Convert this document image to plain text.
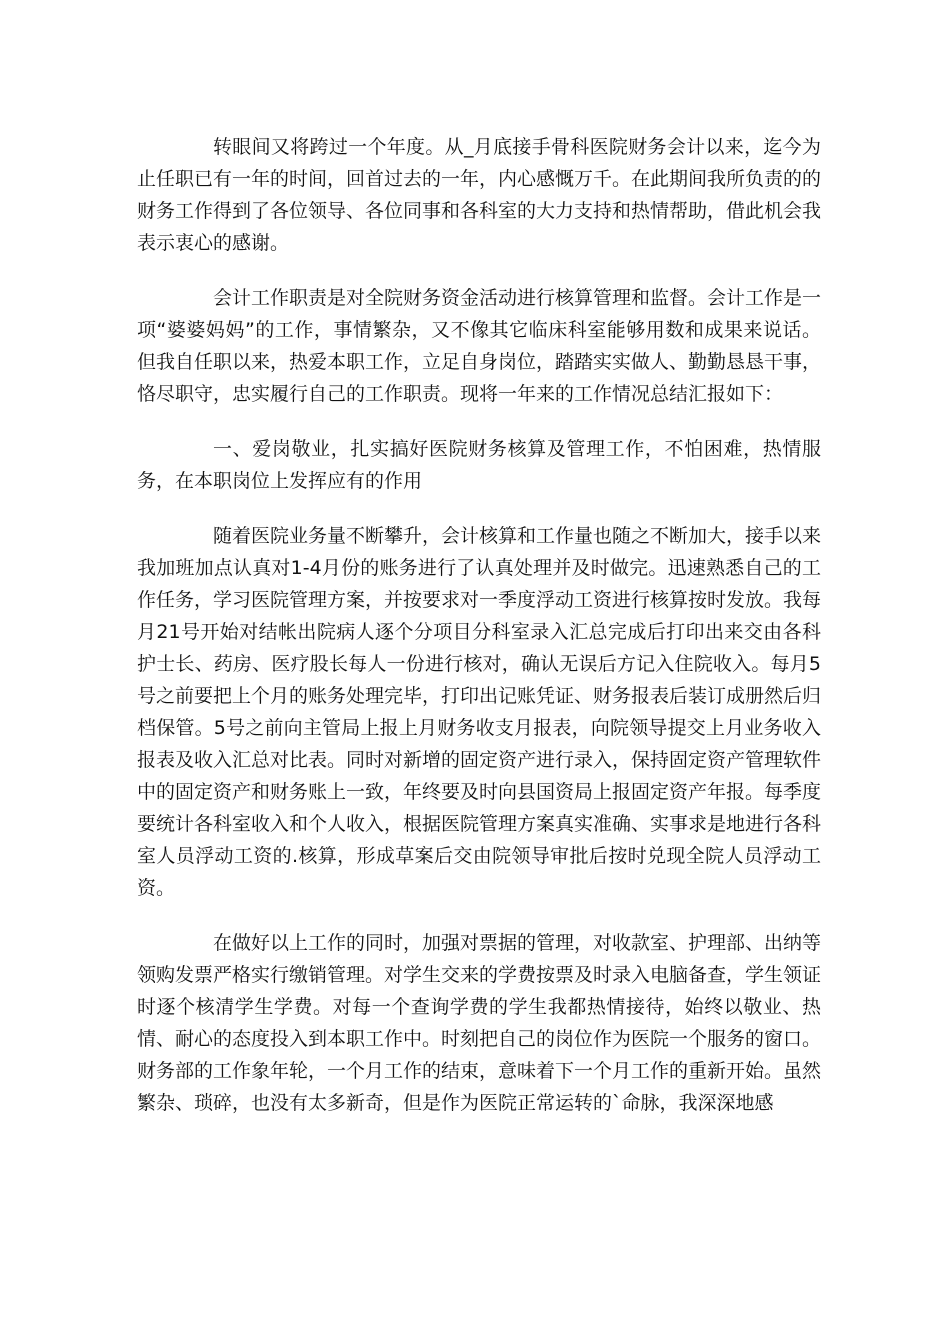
转眼间又将跨过一个年度。从_月底接手骨科医院财务会计以来，迄今为止任职已有一年的时间，回首过去的一年，内心感慨万千。在此期间我所负责的的财务工作得到了各位领导、各位同事和各科室的大力支持和热情帮助，借此机会我表示衷心的感谢。

会计工作职责是对全院财务资金活动进行核算管理和监督。会计工作是一项“婆婆妈妈”的工作，事情繁杂，又不像其它临床科室能够用数和成果来说话。但我自任职以来，热爱本职工作，立足自身岗位，踏踏实实做人、勤勤恳恳干事，恪尽职守，忠实履行自己的工作职责。现将一年来的工作情况总结汇报如下：

一、爱岗敬业，扎实搞好医院财务核算及管理工作，不怕困难，热情服务，在本职岗位上发挥应有的作用

随着医院业务量不断攀升，会计核算和工作量也随之不断加大，接手以来我加班加点认真对1-4月份的账务进行了认真处理并及时做完。迅速熟悉自己的工作任务，学习医院管理方案，并按要求对一季度浮动工资进行核算按时发放。我每月21号开始对结帐出院病人逐个分项目分科室录入汇总完成后打印出来交由各科护士长、药房、医疗股长每人一份进行核对，确认无误后方记入住院收入。每月5号之前要把上个月的账务处理完毕，打印出记账凭证、财务报表后装订成册然后归档保管。5号之前向主管局上报上月财务收支月报表，向院领导提交上月业务收入报表及收入汇总对比表。同时对新增的固定资产进行录入，保持固定资产管理软件中的固定资产和财务账上一致，年终要及时向县国资局上报固定资产年报。每季度要统计各科室收入和个人收入，根据医院管理方案真实准确、实事求是地进行各科室人员浮动工资的.核算，形成草案后交由院领导审批后按时兑现全院人员浮动工资。

在做好以上工作的同时，加强对票据的管理，对收款室、护理部、出纳等领购发票严格实行缴销管理。对学生交来的学费按票及时录入电脑备查，学生领证时逐个核清学生学费。对每一个查询学费的学生我都热情接待，始终以敬业、热情、耐心的态度投入到本职工作中。时刻把自己的岗位作为医院一个服务的窗口。财务部的工作象年轮，一个月工作的结束，意味着下一个月工作的重新开始。虽然繁杂、琐碎，也没有太多新奇，但是作为医院正常运转的`命脉，我深深地感
